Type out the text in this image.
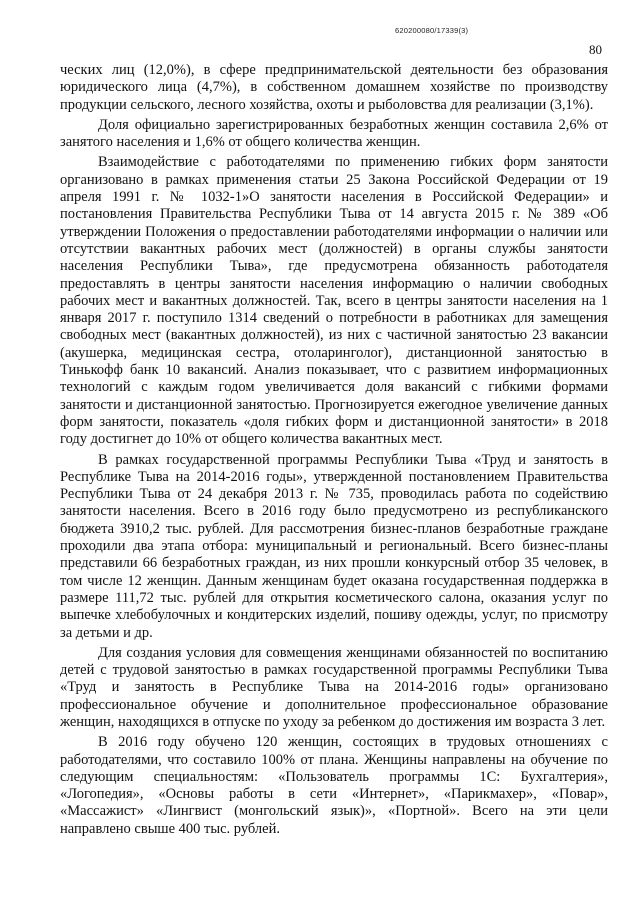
620200080/17339(3)
80

ческих лиц (12,0%), в сфере предпринимательской деятельности без образования юридического лица (4,7%), в собственном домашнем хозяйстве по производству продукции сельского, лесного хозяйства, охоты и рыболовства для реализации (3,1%).

Доля официально зарегистрированных безработных женщин составила 2,6% от занятого населения и 1,6% от общего количества женщин.

Взаимодействие с работодателями по применению гибких форм занятости организовано в рамках применения статьи 25 Закона Российской Федерации от 19 апреля 1991 г. № 1032-1»О занятости населения в Российской Федерации» и постановления Правительства Республики Тыва от 14 августа 2015 г. № 389 «Об утверждении Положения о предоставлении работодателями информации о наличии или отсутствии вакантных рабочих мест (должностей) в органы службы занятости населения Республики Тыва», где предусмотрена обязанность работодателя предоставлять в центры занятости населения информацию о наличии свободных рабочих мест и вакантных должностей. Так, всего в центры занятости населения на 1 января 2017 г. поступило 1314 сведений о потребности в работниках для замещения свободных мест (вакантных должностей), из них с частичной занятостью 23 вакансии (акушерка, медицинская сестра, отоларинголог), дистанционной занятостью в Тинькофф банк 10 вакансий. Анализ показывает, что с развитием информационных технологий с каждым годом увеличивается доля вакансий с гибкими формами занятости и дистанционной занятостью. Прогнозируется ежегодное увеличение данных форм занятости, показатель «доля гибких форм и дистанционной занятости» в 2018 году достигнет до 10% от общего количества вакантных мест.

В рамках государственной программы Республики Тыва «Труд и занятость в Республике Тыва на 2014-2016 годы», утвержденной постановлением Правительства Республики Тыва от 24 декабря 2013 г. № 735, проводилась работа по содействию занятости населения. Всего в 2016 году было предусмотрено из республиканского бюджета 3910,2 тыс. рублей. Для рассмотрения бизнес-планов безработные граждане проходили два этапа отбора: муниципальный и региональный. Всего бизнес-планы представили 66 безработных граждан, из них прошли конкурсный отбор 35 человек, в том числе 12 женщин. Данным женщинам будет оказана государственная поддержка в размере 111,72 тыс. рублей для открытия косметического салона, оказания услуг по выпечке хлебобулочных и кондитерских изделий, пошиву одежды, услуг, по присмотру за детьми и др.

Для создания условия для совмещения женщинами обязанностей по воспитанию детей с трудовой занятостью в рамках государственной программы Республики Тыва «Труд и занятость в Республике Тыва на 2014-2016 годы» организовано профессиональное обучение и дополнительное профессиональное образование женщин, находящихся в отпуске по уходу за ребенком до достижения им возраста 3 лет.

В 2016 году обучено 120 женщин, состоящих в трудовых отношениях с работодателями, что составило 100% от плана. Женщины направлены на обучение по следующим специальностям: «Пользователь программы 1С: Бухгалтерия», «Логопедия», «Основы работы в сети «Интернет», «Парикмахер», «Повар», «Массажист» «Лингвист (монгольский язык)», «Портной». Всего на эти цели направлено свыше 400 тыс. рублей.
